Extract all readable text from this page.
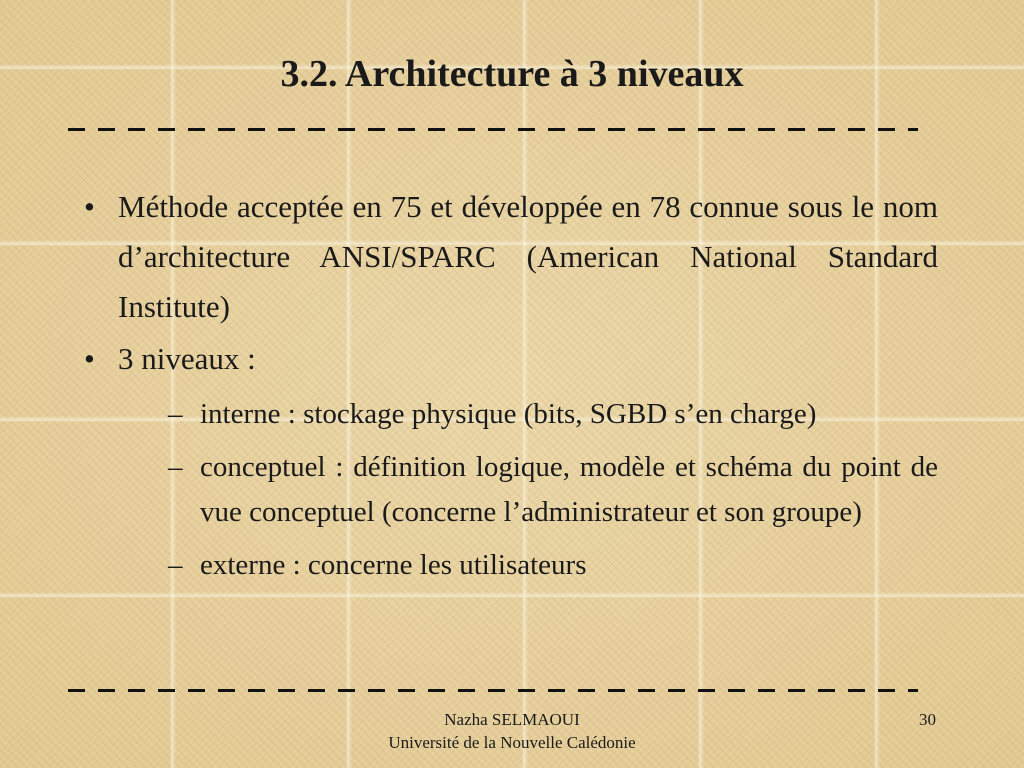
3.2. Architecture à 3 niveaux
• Méthode acceptée en 75 et développée en 78 connue sous le nom d’architecture ANSI/SPARC (American National Standard Institute)
• 3 niveaux :
– interne : stockage physique (bits, SGBD s’en charge)
– conceptuel : définition logique, modèle et schéma du point de vue conceptuel (concerne l’administrateur et son groupe)
– externe : concerne les utilisateurs
Nazha SELMAOUI
Université de la Nouvelle Calédonie
30
